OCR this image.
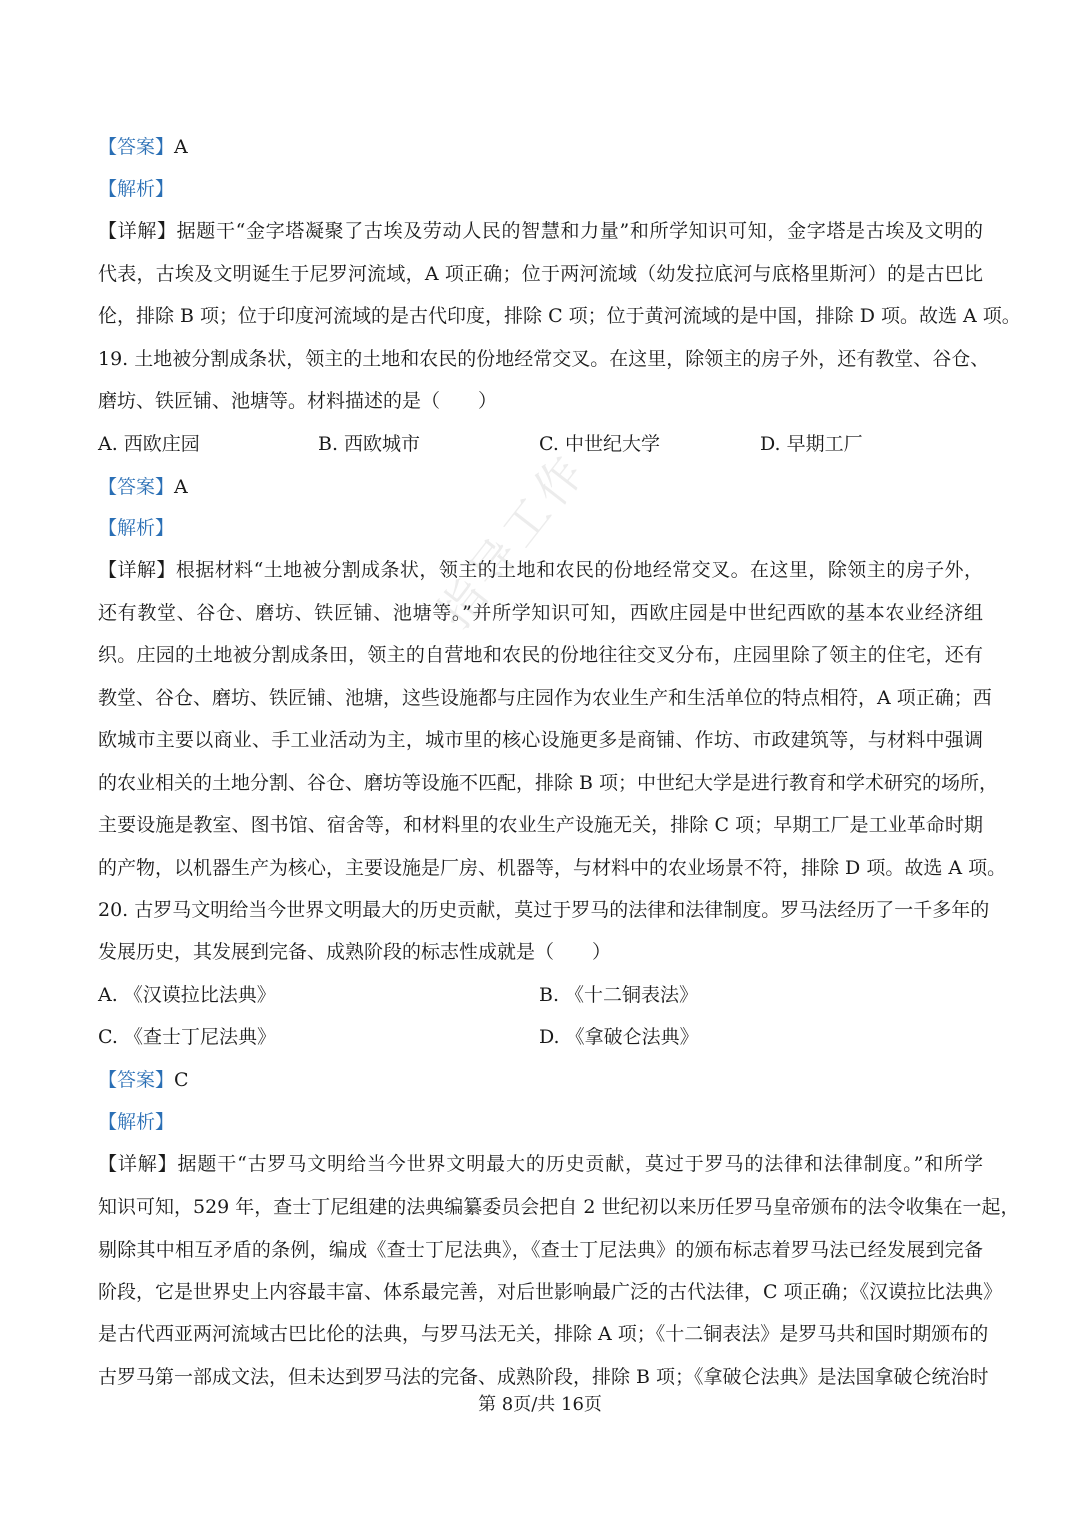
指导工作
【答案】A
【解析】
【详解】据题干“金字塔凝聚了古埃及劳动人民的智慧和力量”和所学知识可知，金字塔是古埃及文明的
代表，古埃及文明诞生于尼罗河流域，A 项正确；位于两河流域（幼发拉底河与底格里斯河）的是古巴比
伦，排除 B 项；位于印度河流域的是古代印度，排除 C 项；位于黄河流域的是中国，排除 D 项。故选 A 项。
19. 土地被分割成条状，领主的土地和农民的份地经常交叉。在这里，除领主的房子外，还有教堂、谷仓、
磨坊、铁匠铺、池塘等。材料描述的是（　　）
A. 西欧庄园	B. 西欧城市	C. 中世纪大学	D. 早期工厂
【答案】A
【解析】
【详解】根据材料“土地被分割成条状，领主的土地和农民的份地经常交叉。在这里，除领主的房子外，
还有教堂、谷仓、磨坊、铁匠铺、池塘等。”并所学知识可知，西欧庄园是中世纪西欧的基本农业经济组
织。庄园的土地被分割成条田，领主的自营地和农民的份地往往交叉分布，庄园里除了领主的住宅，还有
教堂、谷仓、磨坊、铁匠铺、池塘，这些设施都与庄园作为农业生产和生活单位的特点相符，A 项正确；西
欧城市主要以商业、手工业活动为主，城市里的核心设施更多是商铺、作坊、市政建筑等，与材料中强调
的农业相关的土地分割、谷仓、磨坊等设施不匹配，排除 B 项；中世纪大学是进行教育和学术研究的场所，
主要设施是教室、图书馆、宿舍等，和材料里的农业生产设施无关，排除 C 项；早期工厂是工业革命时期
的产物，以机器生产为核心，主要设施是厂房、机器等，与材料中的农业场景不符，排除 D 项。故选 A 项。
20. 古罗马文明给当今世界文明最大的历史贡献，莫过于罗马的法律和法律制度。罗马法经历了一千多年的
发展历史，其发展到完备、成熟阶段的标志性成就是（　　）
A. 《汉谟拉比法典》	B. 《十二铜表法》
C. 《查士丁尼法典》	D. 《拿破仑法典》
【答案】C
【解析】
【详解】据题干“古罗马文明给当今世界文明最大的历史贡献，莫过于罗马的法律和法律制度。”和所学
知识可知，529 年，查士丁尼组建的法典编纂委员会把自 2 世纪初以来历任罗马皇帝颁布的法令收集在一起，
剔除其中相互矛盾的条例，编成《查士丁尼法典》，《查士丁尼法典》的颁布标志着罗马法已经发展到完备
阶段，它是世界史上内容最丰富、体系最完善，对后世影响最广泛的古代法律，C 项正确；《汉谟拉比法典》
是古代西亚两河流域古巴比伦的法典，与罗马法无关，排除 A 项；《十二铜表法》是罗马共和国时期颁布的
古罗马第一部成文法，但未达到罗马法的完备、成熟阶段，排除 B 项；《拿破仑法典》是法国拿破仑统治时
第 8页/共 16页
